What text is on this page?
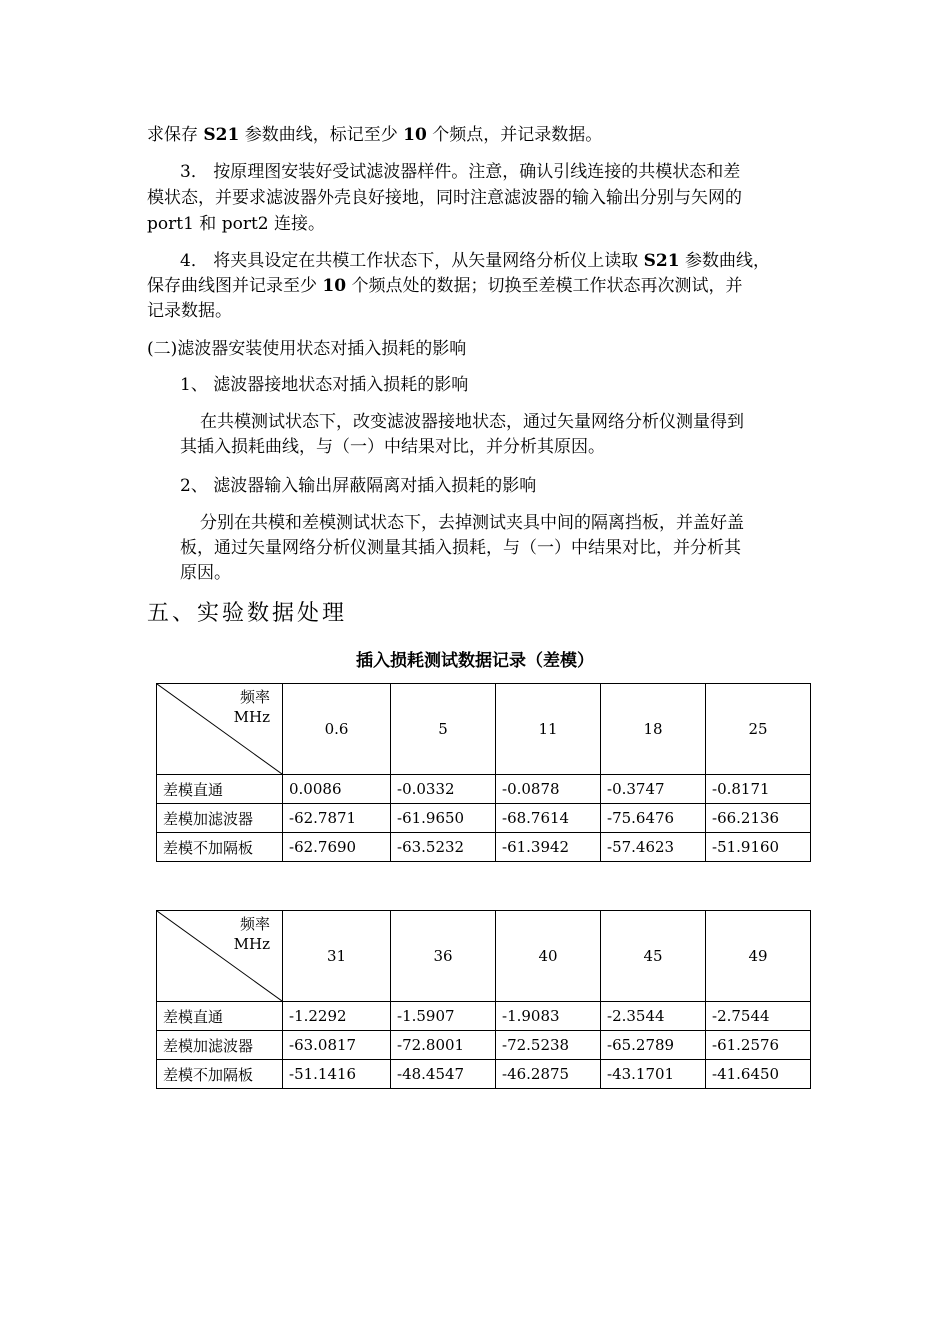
求保存 S21 参数曲线，标记至少 10 个频点，并记录数据。
3． 按原理图安装好受试滤波器样件。注意，确认引线连接的共模状态和差
模状态，并要求滤波器外壳良好接地，同时注意滤波器的输入输出分别与矢网的
port1 和 port2 连接。
4． 将夹具设定在共模工作状态下，从矢量网络分析仪上读取 S21 参数曲线，
保存曲线图并记录至少 10 个频点处的数据；切换至差模工作状态再次测试，并
记录数据。
(二)滤波器安装使用状态对插入损耗的影响
1、 滤波器接地状态对插入损耗的影响
在共模测试状态下，改变滤波器接地状态，通过矢量网络分析仪测量得到
其插入损耗曲线，与（一）中结果对比，并分析其原因。
2、 滤波器输入输出屏蔽隔离对插入损耗的影响
分别在共模和差模测试状态下，去掉测试夹具中间的隔离挡板，并盖好盖
板，通过矢量网络分析仪测量其插入损耗，与（一）中结果对比，并分析其
原因。
五、实验数据处理
插入损耗测试数据记录（差模）
频率
MHz	0.6	5	11	18	25
差模直通	0.0086	-0.0332	-0.0878	-0.3747	-0.8171
差模加滤波器	-62.7871	-61.9650	-68.7614	-75.6476	-66.2136
差模不加隔板	-62.7690	-63.5232	-61.3942	-57.4623	-51.9160
频率
MHz	31	36	40	45	49
差模直通	-1.2292	-1.5907	-1.9083	-2.3544	-2.7544
差模加滤波器	-63.0817	-72.8001	-72.5238	-65.2789	-61.2576
差模不加隔板	-51.1416	-48.4547	-46.2875	-43.1701	-41.6450
